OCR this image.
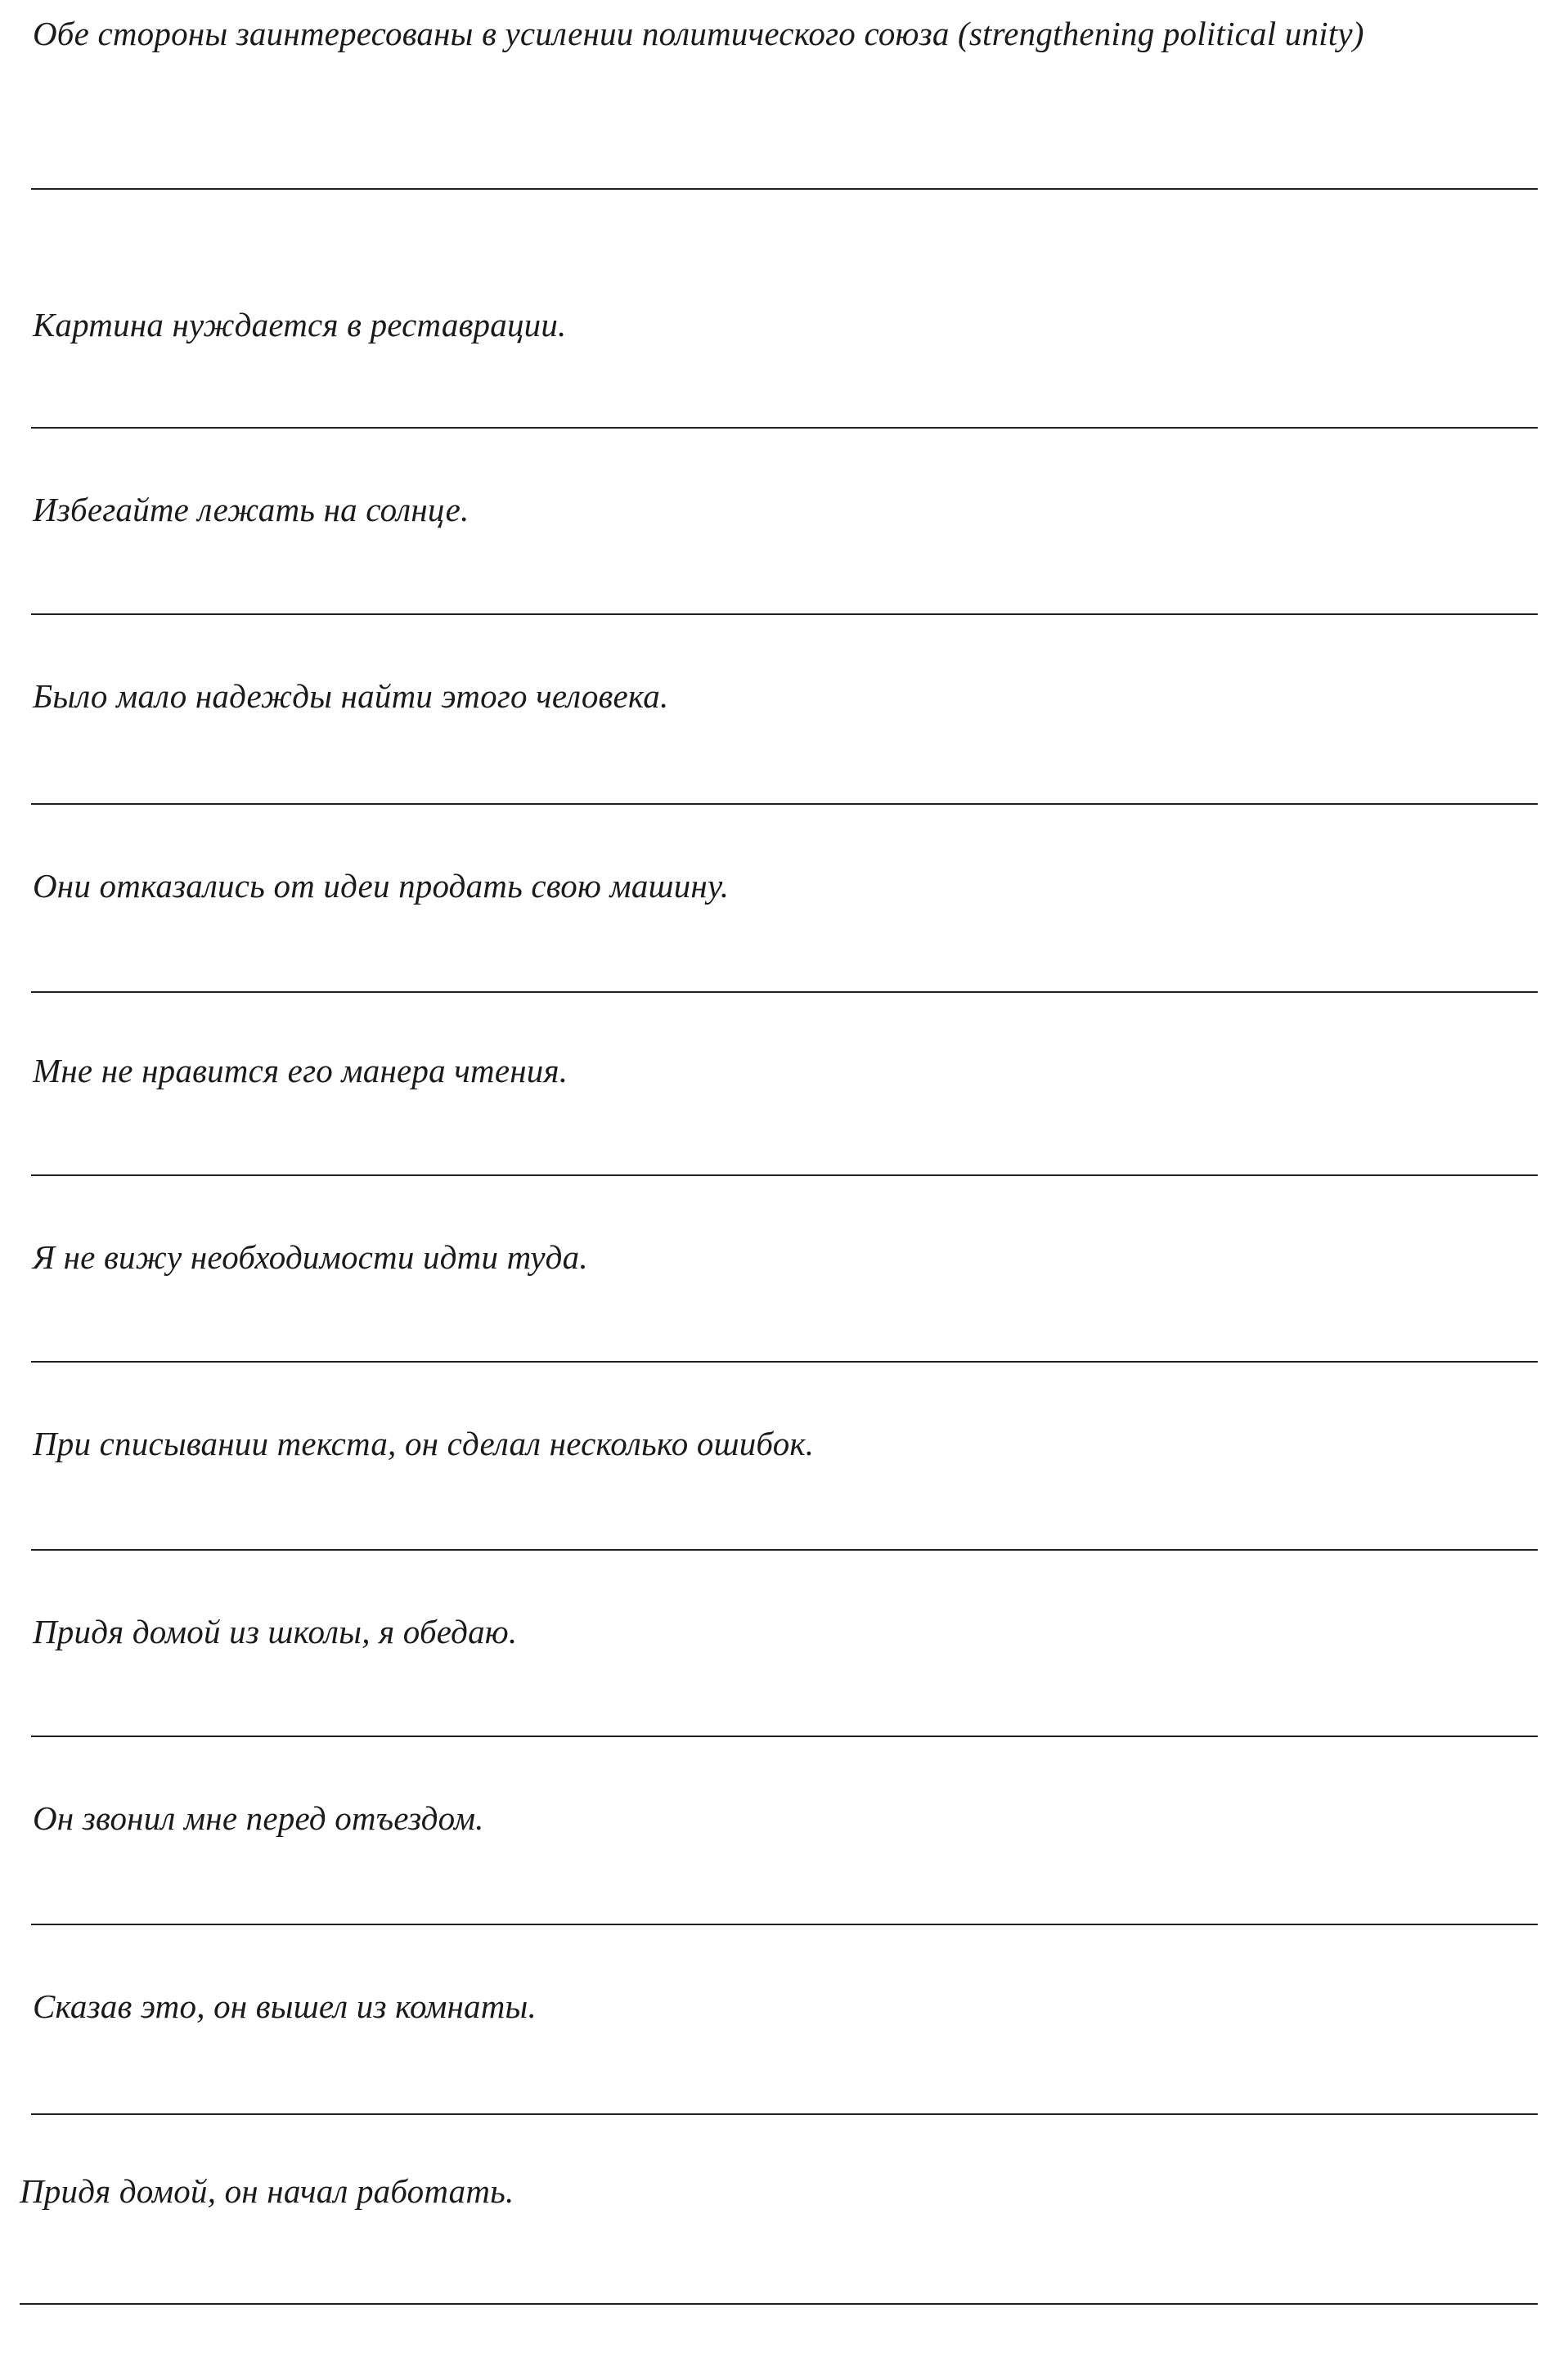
Обе стороны заинтересованы в усилении политического союза (strengthening political unity)

Картина нуждается в реставрации.

Избегайте лежать на солнце.

Было мало надежды найти этого человека.

Они отказались от идеи продать свою машину.

Мне не нравится его манера чтения.

Я не вижу необходимости идти туда.

При списывании текста, он сделал несколько ошибок.

Придя домой из школы, я обедаю.

Он звонил мне перед отъездом.

Сказав это, он вышел из комнаты.

Придя домой, он начал работать.
